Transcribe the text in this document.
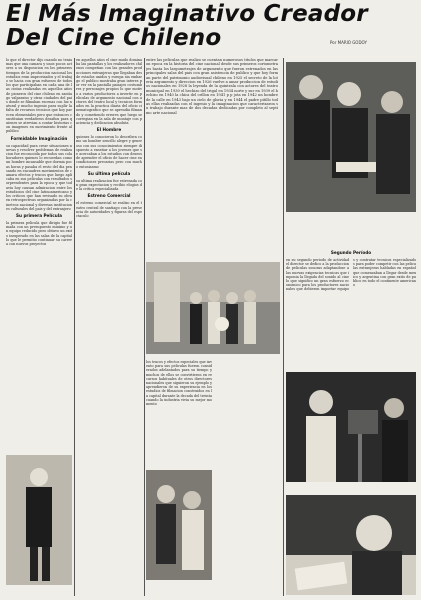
El Más Imaginativo Creador
Del Cine Chileno	Por MARIO GODOY
lo que el director dijo cuando no tenia mas que una camara y unos pocos actores a su disposicion en los primeros tiempos de la produccion nacional los estudios eran improvisados y el trabajo se hacia con gran esfuerzo de todos los que participaban en cada una de las cintas realizadas en aquellos años de pioneros del cine chileno en santiago valparaiso y otras ciudades del pais donde se filmaban escenas con luz natural y mucho ingenio para suplir la falta de recursos tecnicos que hoy parecen elementales pero que entonces constituian verdaderos desafios para quienes se atrevian a contar historias con imagenes en movimiento frente al publico
Formidable Imaginación
su capacidad para crear situaciones nuevas y resolver problemas de realizacion fue reconocida por todos sus colaboradores quienes lo recuerdan como un hombre incansable que dormia pocas horas y pasaba el resto del dia pensando en encuadres movimientos de camara efectos y trucos que luego aplicaba en sus peliculas con resultados sorprendentes para la epoca y que todavia hoy causan admiracion entre los estudiosos del cine latinoamericano y los criticos que han revisado su obra en retrospectivas organizadas por la cineteca nacional y diversas instituciones culturales del pais y del extranjero
Su primera Película
la primera pelicula que dirigio fue filmada con un presupuesto minimo y un equipo reducido pero obtuvo un exito inesperado en las salas de la capital lo que le permitio continuar su carrera con nuevos proyectos
en aquellos años el cine mudo dominaba las pantallas y los realizadores chilenos competian con las grandes producciones extranjeras que llegaban desde estados unidos y europa sin embargo el publico mostraba gran interes por ver en la pantalla paisajes costumbres y personajes propios lo que motivo a varios productores a invertir en peliculas de argumento nacional con actores del teatro local y tecnicos formados en la practica diaria del oficio cinematografico que se aprendia filmando y cometiendo errores que luego se corregian en la sala de montaje con paciencia y dedicacion absoluta
El Hombre
quienes lo conocieron lo describen como un hombre sencillo alegre y generoso con sus conocimientos siempre dispuesto a enseñar a los jovenes que se acercaban a los estudios con deseos de aprender el oficio de hacer cine en condiciones precarias pero con mucho entusiasmo
Su última película
su ultima realizacion fue estrenada con gran expectacion y recibio elogios de la critica especializada
Estreno Comercial
el estreno comercial se realizo en el teatro central de santiago con la presencia de autoridades y figuras del espectaculo
entre las peliculas que realizo se cuentan numerosos titulos que marcaron epoca en la historia del cine nacional desde sus primeros cortometrajes hasta los largometrajes de argumento que fueron estrenados en las principales salas del pais con gran asistencia de publico y que hoy forman parte del patrimonio audiovisual chileno en 1925 el secreto de la loteria argumento y direccion en 1926 vuelve a amar produccion de estudios nacionales en 1928 la leyenda de la quintrala con actores del teatro municipal en 1930 el hechizo del trigal en 1934 norte y sur en 1939 el hechizo en 1940 la chica del crillon en 1941 p p jota en 1942 un hombre de la calle en 1943 bajo un cielo de gloria y en 1944 el padre pitillo todas ellas realizadas con el ingenio y la imaginacion que caracterizaron su trabajo durante mas de dos decadas dedicadas por completo al septimo arte nacional
los trucos y efectos especiales que invento para sus peliculas fueron considerados adelantados para su tiempo y muchos de ellos se convirtieron en recursos habituales de otros directores nacionales que siguieron su ejemplo y aprendieron de su experiencia en los estudios de filmacion construidos en la capital durante la decada del treinta cuando la industria vivia su mejor momento
Segundo Período
en su segundo periodo de actividad el director se dedico a la produccion de peliculas sonoras adaptandose a las nuevas exigencias tecnicas que imponia la llegada del sonido al cine lo que significo un gran esfuerzo economico para los productores nacionales que debieron importar equipos y contratar tecnicos especializados para poder competir con las peliculas extranjeras habladas en español que comenzaban a llegar desde mexico y argentina con gran exito de publico en todo el continente americano
